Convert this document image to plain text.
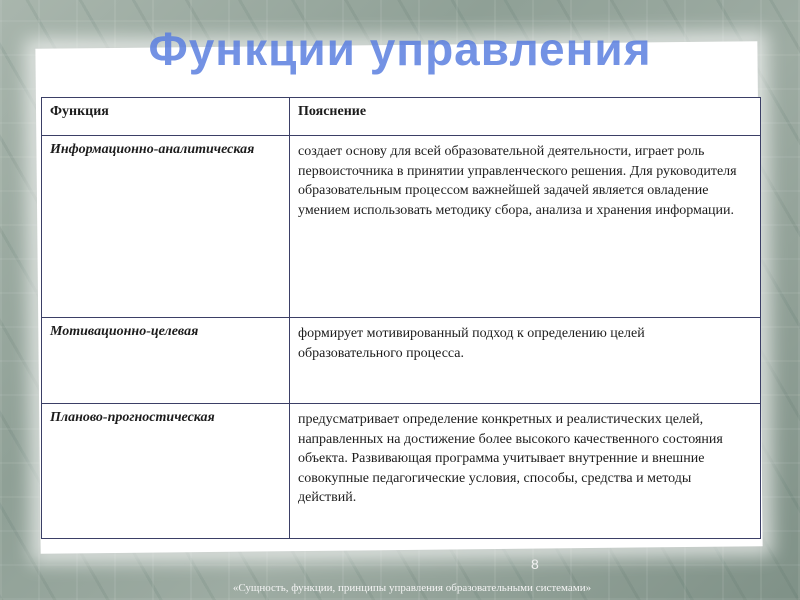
Функции управления
Функция	Пояснение
Информационно-аналитическая	создает основу для всей образовательной деятельности, играет роль первоисточника в принятии управленческого решения. Для руководителя образовательным процессом важнейшей задачей является овладение умением использовать методику сбора, анализа и хранения информации.
Мотивационно-целевая	формирует мотивированный подход к определению целей образовательного процесса.
Планово-прогностическая	предусматривает определение конкретных и реалистических целей, направленных на достижение более высокого качественного состояния объекта. Развивающая программа учитывает внутренние и внешние совокупные педагогические условия, способы, средства и методы действий.
8
«Сущность, функции, принципы управления образовательными системами»
